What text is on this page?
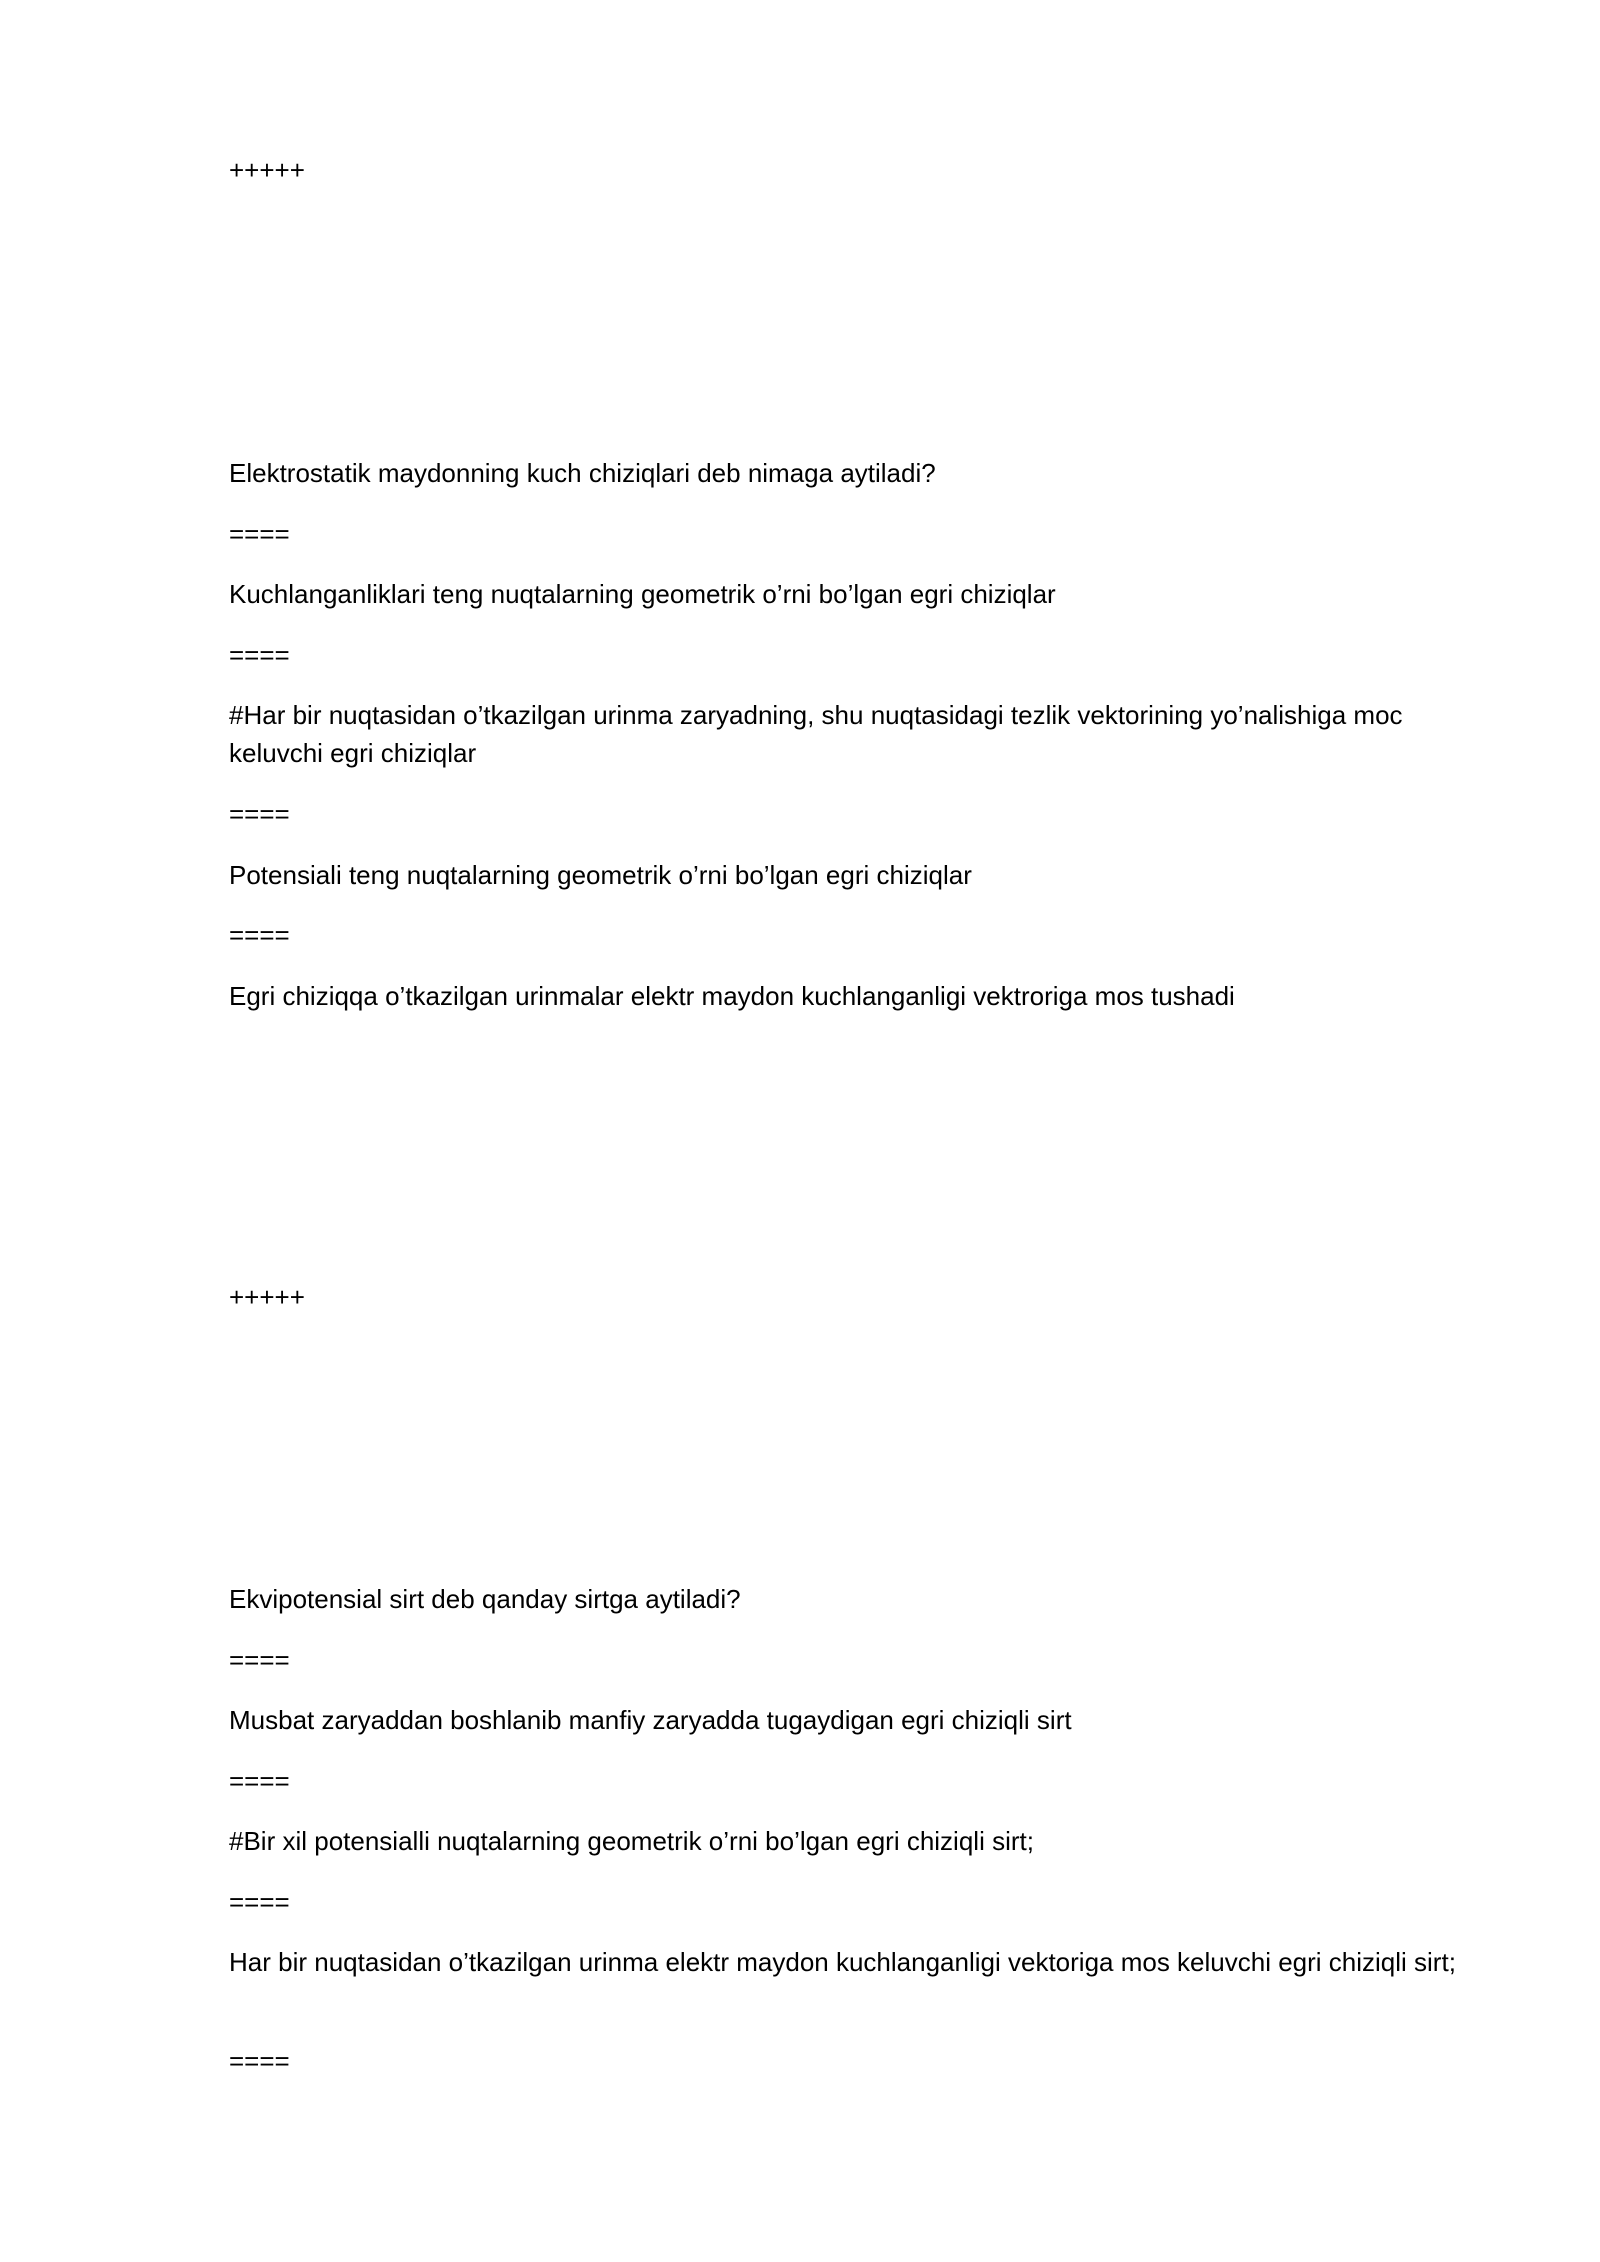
+++++
Elektrostatik maydonning kuch chiziqlari deb nimaga aytiladi?
====
Kuchlanganliklari teng nuqtalarning geometrik o’rni bo’lgan egri chiziqlar
====
#Har bir nuqtasidan o’tkazilgan urinma zaryadning, shu nuqtasidagi tezlik vektorining yo’nalishiga moc keluvchi egri chiziqlar
====
Potensiali teng nuqtalarning geometrik o’rni bo’lgan egri chiziqlar
====
Egri chiziqqa o’tkazilgan urinmalar elektr maydon kuchlanganligi vektroriga mos tushadi
+++++
Ekvipotensial sirt deb qanday sirtga aytiladi?
====
Musbat zaryaddan boshlanib manfiy zaryadda tugaydigan egri chiziqli sirt
====
#Bir xil potensialli nuqtalarning geometrik o’rni bo’lgan egri chiziqli sirt;
====
Har bir nuqtasidan o’tkazilgan urinma elektr maydon kuchlanganligi vektoriga mos keluvchi egri chiziqli sirt;
====
